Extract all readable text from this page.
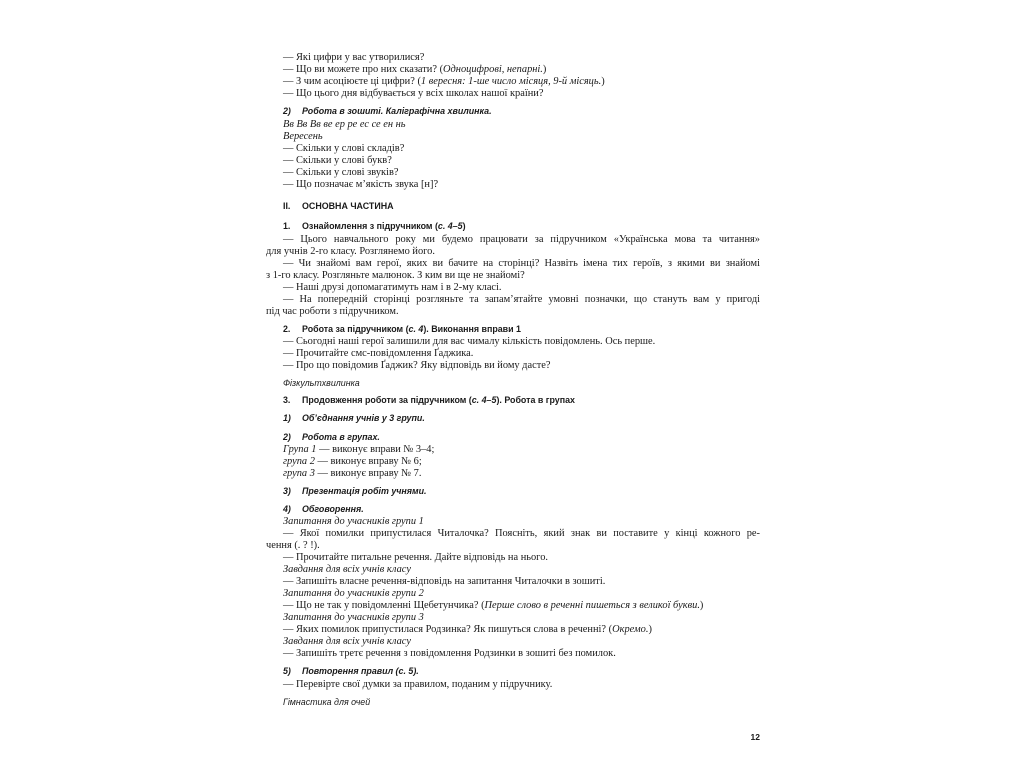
— Які цифри у вас утворилися?
— Що ви можете про них сказати? (Одноцифрові, непарні.)
— З чим асоціюєте ці цифри? (1 вересня: 1-ше число місяця, 9-й місяць.)
— Що цього дня відбувається у всіх школах нашої країни?
2) Робота в зошиті. Каліграфічна хвилинка.
Вв Вв Вв ве ер ре ес се ен нь
Вересень
— Скільки у слові складів?
— Скільки у слові букв?
— Скільки у слові звуків?
— Що позначає м’якість звука [н]?
II. ОСНОВНА ЧАСТИНА
1. Ознайомлення з підручником (с. 4–5)
— Цього навчального року ми будемо працювати за підручником «Українська мова та читання»
для учнів 2-го класу. Розглянемо його.
— Чи знайомі вам герої, яких ви бачите на сторінці? Назвіть імена тих героїв, з якими ви знайомі
з 1-го класу. Розгляньте малюнок. З ким ви ще не знайомі?
— Наші друзі допомагатимуть нам і в 2-му класі.
— На попередній сторінці розгляньте та запам’ятайте умовні позначки, що стануть вам у пригоді
під час роботи з підручником.
2. Робота за підручником (с. 4). Виконання вправи 1
— Сьогодні наші герої залишили для вас чималу кількість повідомлень. Ось перше.
— Прочитайте смс-повідомлення Ґаджика.
— Про що повідомив Ґаджик? Яку відповідь ви йому дасте?
Фізкультхвилинка
3. Продовження роботи за підручником (с. 4–5). Робота в групах
1) Об’єднання учнів у 3 групи.
2) Робота в групах.
Група 1 — виконує вправи № 3–4;
група 2 — виконує вправу № 6;
група 3 — виконує вправу № 7.
3) Презентація робіт учнями.
4) Обговорення.
Запитання до учасників групи 1
— Якої помилки припустилася Читалочка? Поясніть, який знак ви поставите у кінці кожного ре-
чення (. ? !).
— Прочитайте питальне речення. Дайте відповідь на нього.
Завдання для всіх учнів класу
— Запишіть власне речення-відповідь на запитання Читалочки в зошиті.
Запитання до учасників групи 2
— Що не так у повідомленні Щебетунчика? (Перше слово в реченні пишеться з великої букви.)
Запитання до учасників групи 3
— Яких помилок припустилася Родзинка? Як пишуться слова в реченні? (Окремо.)
Завдання для всіх учнів класу
— Запишіть третє речення з повідомлення Родзинки в зошиті без помилок.
5) Повторення правил (с. 5).
— Перевірте свої думки за правилом, поданим у підручнику.
Гімнастика для очей
12
